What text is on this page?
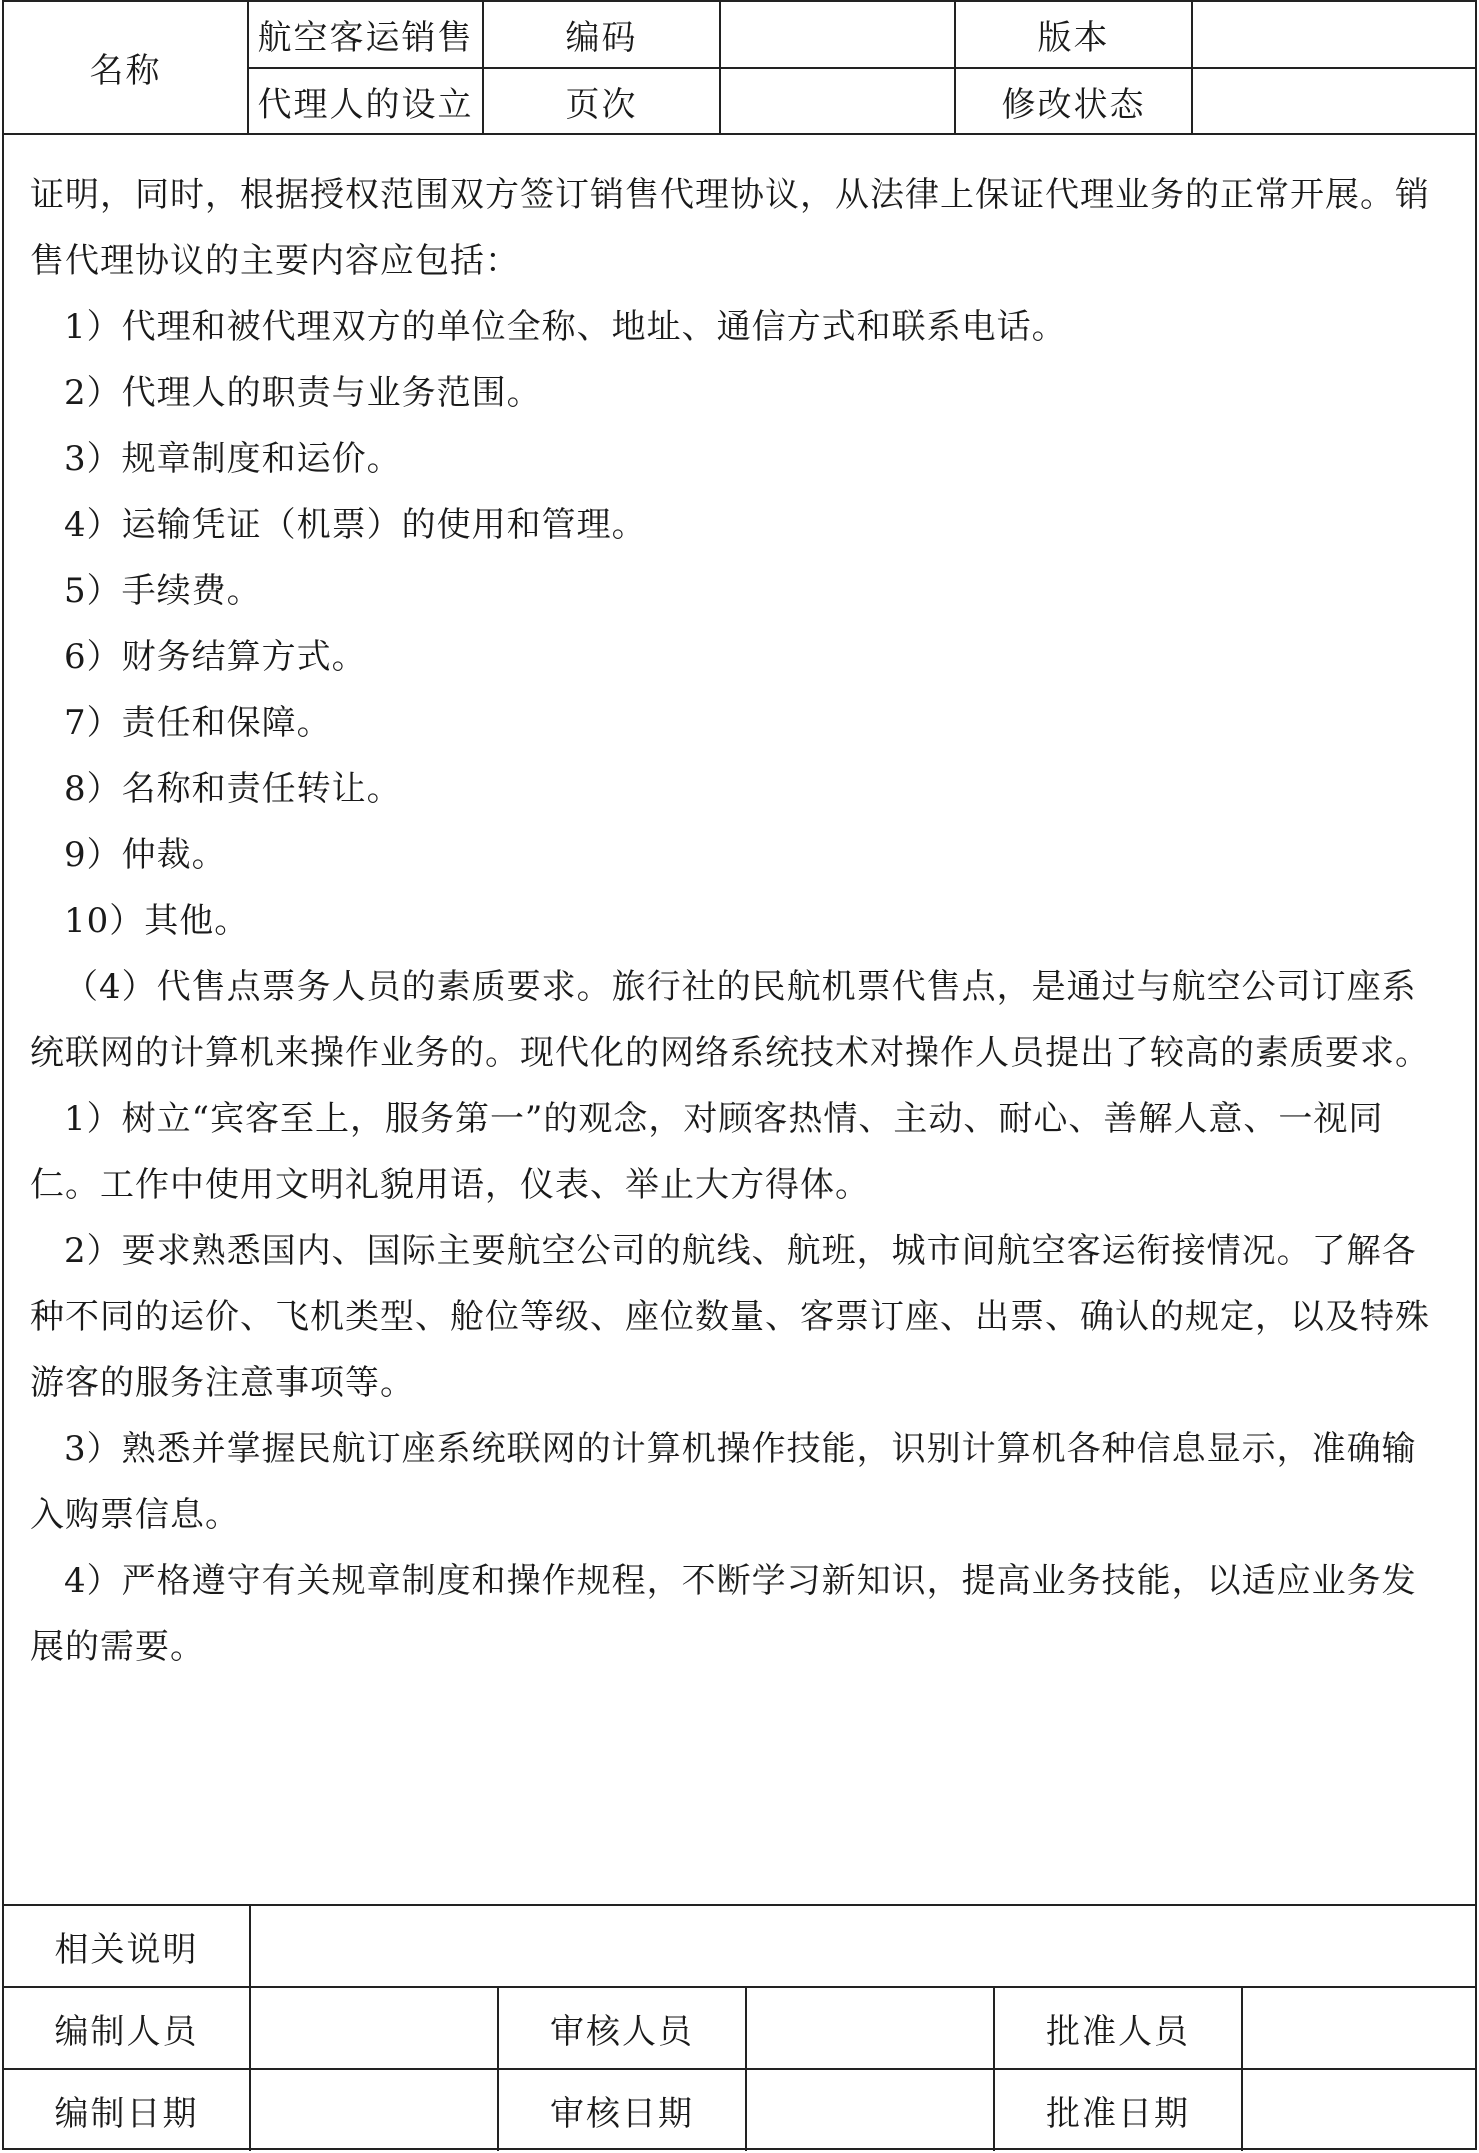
名称	航空客运销售	编码		版本	
	代理人的设立	页次		修改状态	

证明，同时，根据授权范围双方签订销售代理协议，从法律上保证代理业务的正常开展。销售代理协议的主要内容应包括：

1）代理和被代理双方的单位全称、地址、通信方式和联系电话。

2）代理人的职责与业务范围。

3）规章制度和运价。

4）运输凭证（机票）的使用和管理。

5）手续费。

6）财务结算方式。

7）责任和保障。

8）名称和责任转让。

9）仲裁。

10）其他。

（4）代售点票务人员的素质要求。旅行社的民航机票代售点，是通过与航空公司订座系统联网的计算机来操作业务的。现代化的网络系统技术对操作人员提出了较高的素质要求。

1）树立“宾客至上，服务第一”的观念，对顾客热情、主动、耐心、善解人意、一视同仁。工作中使用文明礼貌用语，仪表、举止大方得体。

2）要求熟悉国内、国际主要航空公司的航线、航班，城市间航空客运衔接情况。了解各种不同的运价、飞机类型、舱位等级、座位数量、客票订座、出票、确认的规定，以及特殊游客的服务注意事项等。

3）熟悉并掌握民航订座系统联网的计算机操作技能，识别计算机各种信息显示，准确输入购票信息。

4）严格遵守有关规章制度和操作规程，不断学习新知识，提高业务技能，以适应业务发展的需要。

相关说明					
编制人员		审核人员		批准人员	
编制日期		审核日期		批准日期	
